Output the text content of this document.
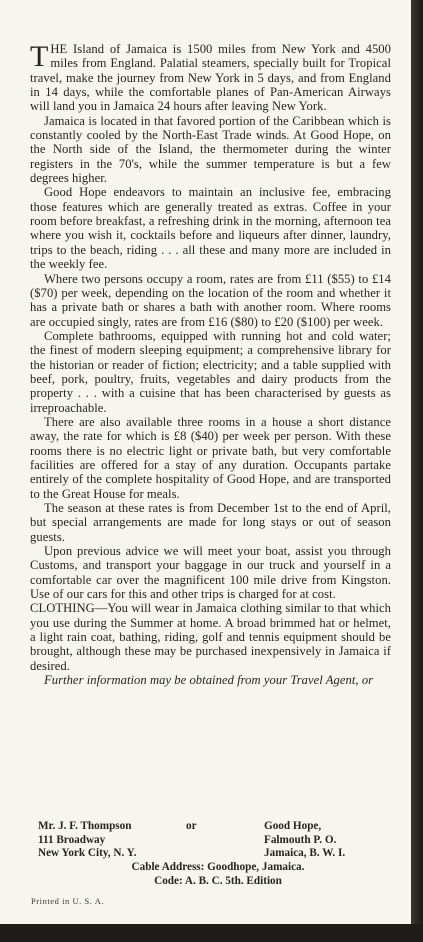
THE Island of Jamaica is 1500 miles from New York and 4500 miles from England. Palatial steamers, specially built for Tropical travel, make the journey from New York in 5 days, and from England in 14 days, while the comfortable planes of Pan-American Airways will land you in Jamaica 24 hours after leaving New York.

Jamaica is located in that favored portion of the Caribbean which is constantly cooled by the North-East Trade winds. At Good Hope, on the North side of the Island, the thermometer during the winter registers in the 70's, while the summer temperature is but a few degrees higher.

Good Hope endeavors to maintain an inclusive fee, embracing those features which are generally treated as extras. Coffee in your room before breakfast, a refreshing drink in the morning, afternoon tea where you wish it, cocktails before and liqueurs after dinner, laundry, trips to the beach, riding . . . all these and many more are included in the weekly fee.

Where two persons occupy a room, rates are from £11 ($55) to £14 ($70) per week, depending on the location of the room and whether it has a private bath or shares a bath with another room. Where rooms are occupied singly, rates are from £16 ($80) to £20 ($100) per week.

Complete bathrooms, equipped with running hot and cold water; the finest of modern sleeping equipment; a comprehensive library for the historian or reader of fiction; electricity; and a table supplied with beef, pork, poultry, fruits, vegetables and dairy products from the property . . . with a cuisine that has been characterised by guests as irreproachable.

There are also available three rooms in a house a short distance away, the rate for which is £8 ($40) per week per person. With these rooms there is no electric light or private bath, but very comfortable facilities are offered for a stay of any duration. Occupants partake entirely of the complete hospitality of Good Hope, and are transported to the Great House for meals.

The season at these rates is from December 1st to the end of April, but special arrangements are made for long stays or out of season guests.

Upon previous advice we will meet your boat, assist you through Customs, and transport your baggage in our truck and yourself in a comfortable car over the magnificent 100 mile drive from Kingston. Use of our cars for this and other trips is charged for at cost.

CLOTHING—You will wear in Jamaica clothing similar to that which you use during the Summer at home. A broad brimmed hat or helmet, a light rain coat, bathing, riding, golf and tennis equipment should be brought, although these may be purchased inexpensively in Jamaica if desired.

Further information may be obtained from your Travel Agent, or

Mr. J. F. Thompson
111 Broadway
New York City, N. Y.
or	Good Hope,
Falmouth P. O.
Jamaica, B. W. I.
Cable Address: Goodhope, Jamaica.
Code: A. B. C. 5th. Edition
Printed in U. S. A.
